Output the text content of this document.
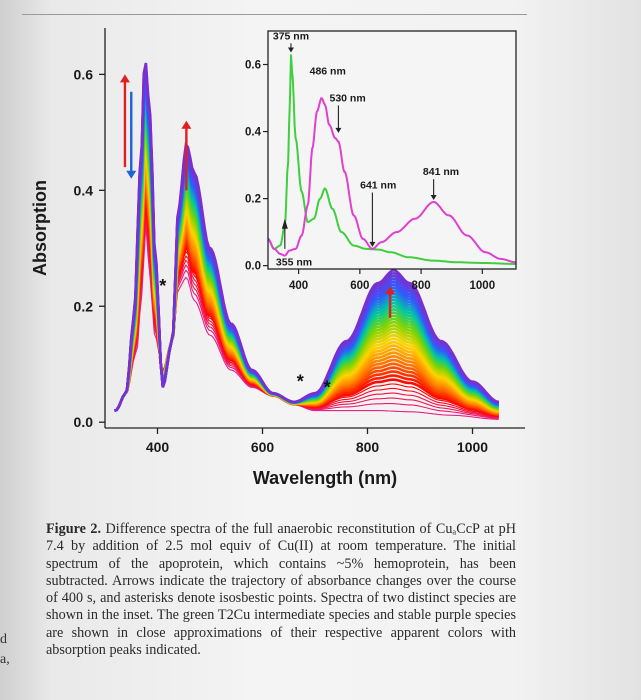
0.0
0.2
0.4
0.6
400	600	800	1000
*
* *
Wavelength (nm)
Absorption	0.0
0.2
0.4
0.6
400	600	800	1000
375 nm
486 nm
530 nm
641 nm
841 nm
355 nm
Figure 2. Difference spectra of the full anaerobic reconstitution of CuₐCcP at pH 7.4 by addition of 2.5 mol equiv of Cu(II) at room temperature. The initial spectrum of the apoprotein, which contains ~5% hemoprotein, has been subtracted. Arrows indicate the trajectory of absorbance changes over the course of 400 s, and asterisks denote isosbestic points. Spectra of two distinct species are shown in the inset. The green T2Cu intermediate species and stable purple species are shown in close approximations of their respective apparent colors with absorption peaks indicated.
d
a,
